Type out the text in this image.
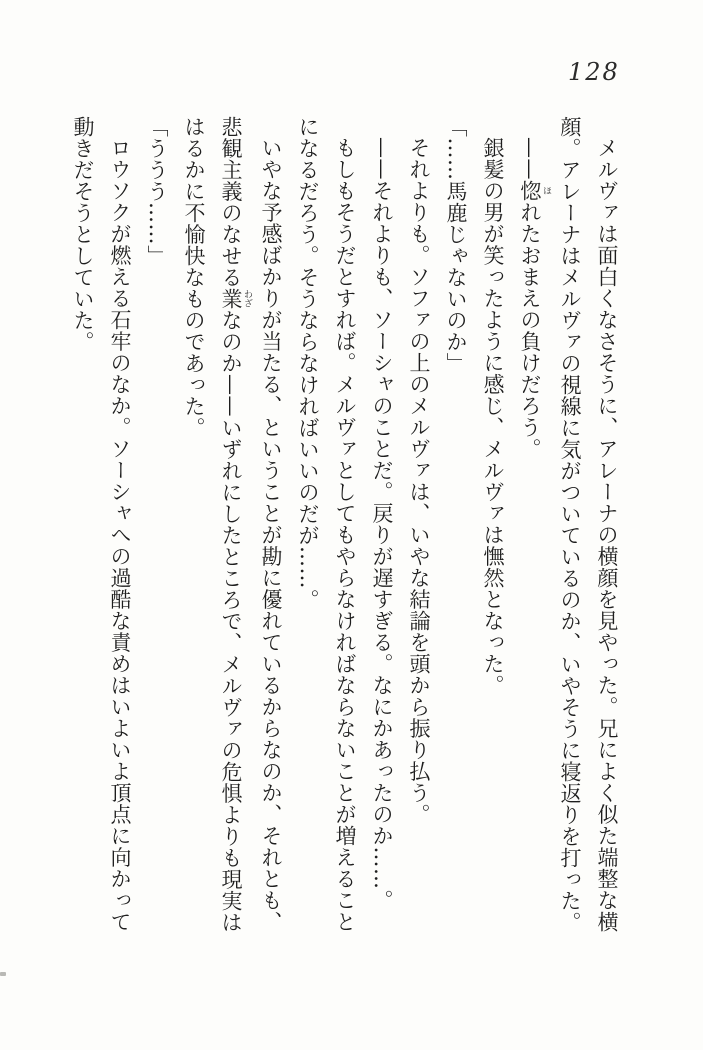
128
メルヴァは面白くなさそうに、アレーナの横顔を見やった。兄によく似た端整な横
顔。アレーナはメルヴァの視線に気がついているのか、いやそうに寝返りを打った。
——惚 ほれたおまえの負けだろう。
銀髪の男が笑ったように感じ、メルヴァは憮然となった。
「……馬鹿じゃないのか」
それよりも。ソファの上のメルヴァは、いやな結論を頭から振り払う。
——それよりも、ソーシャのことだ。戻りが遅すぎる。なにかあったのか……。
もしもそうだとすれば。メルヴァとしてもやらなければならないことが増えること
になるだろう。そうならなければいいのだが……。
いやな予感ばかりが当たる、ということが勘に優れているからなのか、それとも、
悲観主義のなせる業 わざなのか——いずれにしたところで、メルヴァの危惧よりも現実は
はるかに不愉快なものであった。
「ううう……」
ロウソクが燃える石牢のなか。ソーシャへの過酷な責めはいよいよ頂点に向かって
動きだそうとしていた。
